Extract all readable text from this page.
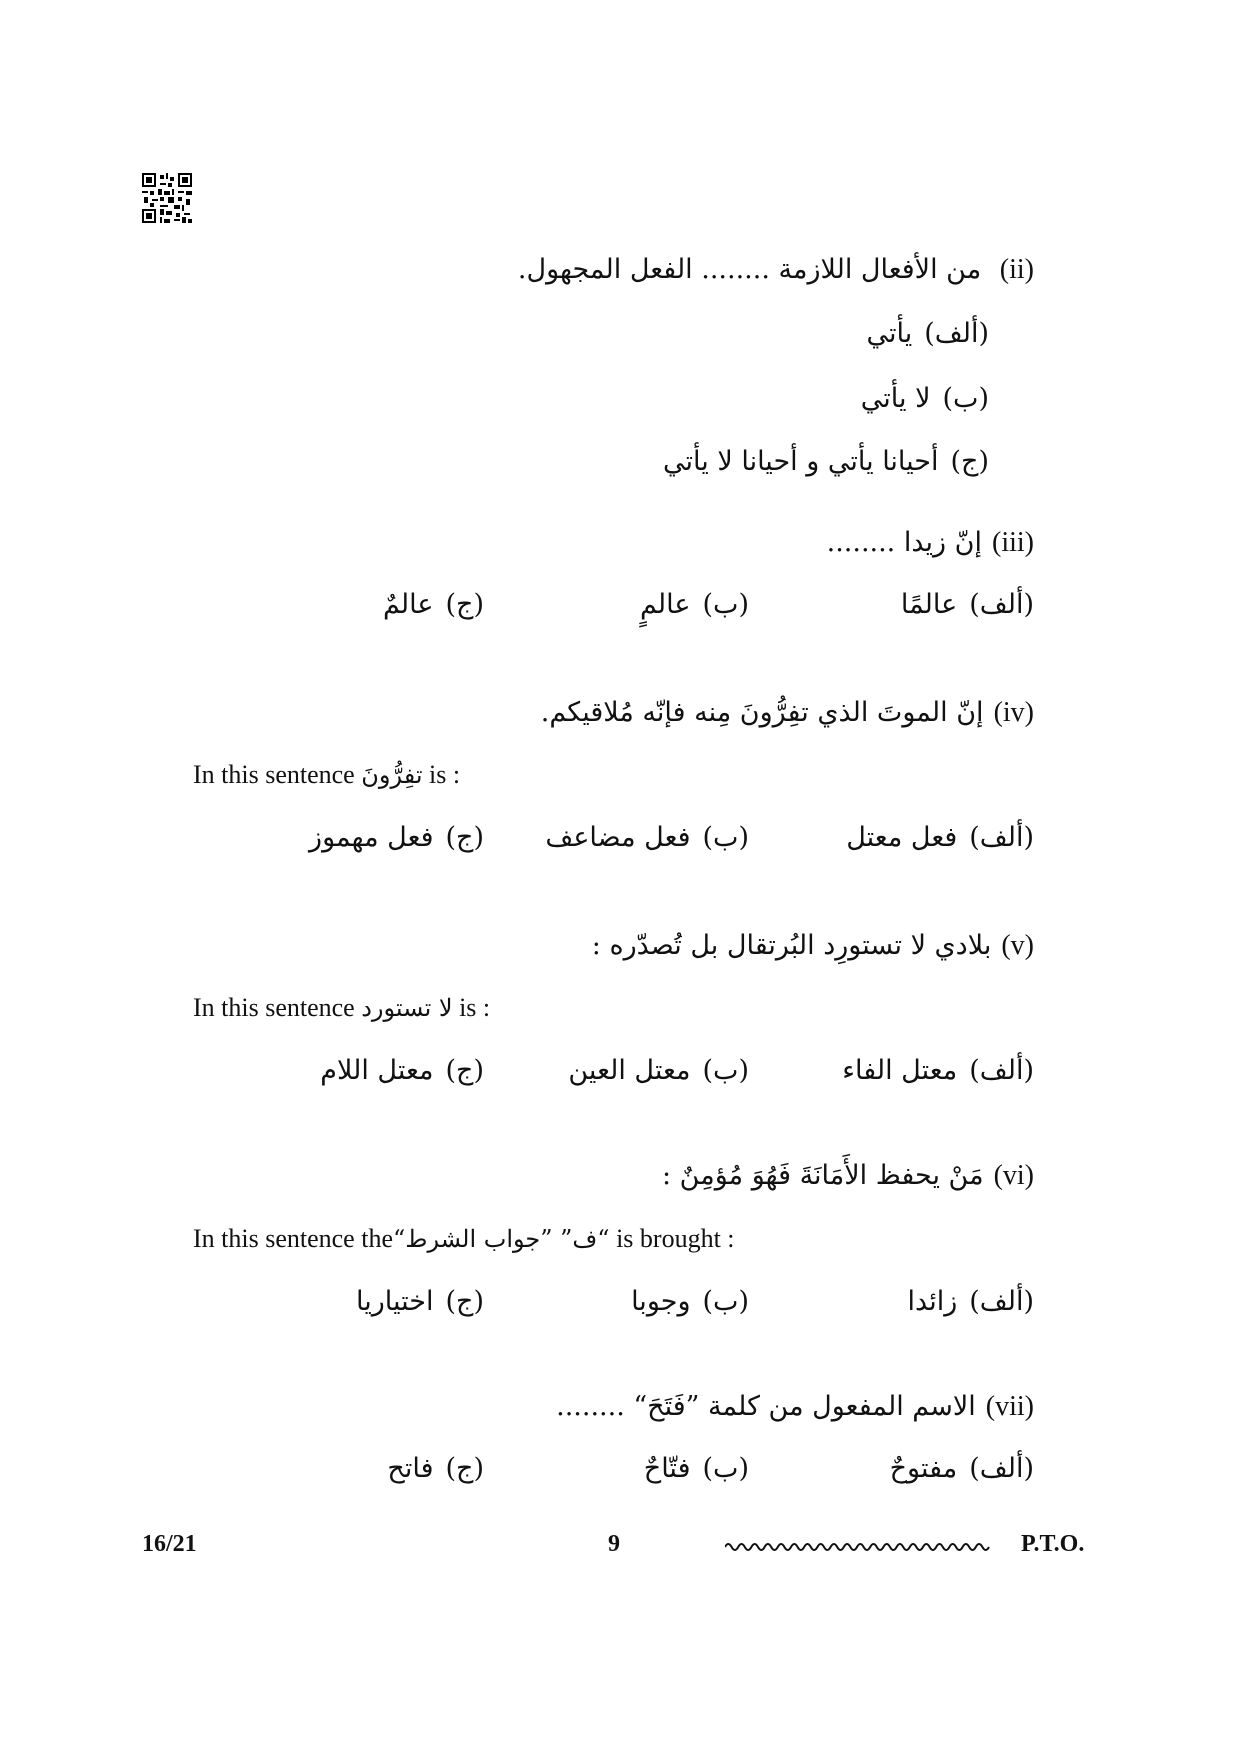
(ii) من الأفعال اللازمة ........ الفعل المجهول.
(ألف)يأتي
(ب)لا يأتي
(ج)أحيانا يأتي و أحيانا لا يأتي
(iii)إنّ زيدا ........
(ألف)عالمًا
(ب)عالمٍ
(ج)عالمٌ
(iv)إنّ الموتَ الذي تفِرُّونَ مِنه فإنّه مُلاقيكم.
In this sentence تفِرُّونَ is :
(ألف)فعل معتل
(ب)فعل مضاعف
(ج)فعل مهموز
(v)بلادي لا تستورِد البُرتقال بل تُصدّره :
In this sentence لا تستورد is :
(ألف)معتل الفاء
(ب)معتل العين
(ج)معتل اللام
(vi)مَنْ يحفظ الأَمَانَةَ فَهُوَ مُؤمِنٌ :
In this sentence the“ف” ”جواب الشرط“ is brought :
(ألف)زائدا
(ب)وجوبا
(ج)اختياريا
(vii)الاسم المفعول من كلمة ”فَتَحَ“ ........
(ألف)مفتوحٌ
(ب)فتّاحٌ
(ج)فاتح
16/21	9	P.T.O.
